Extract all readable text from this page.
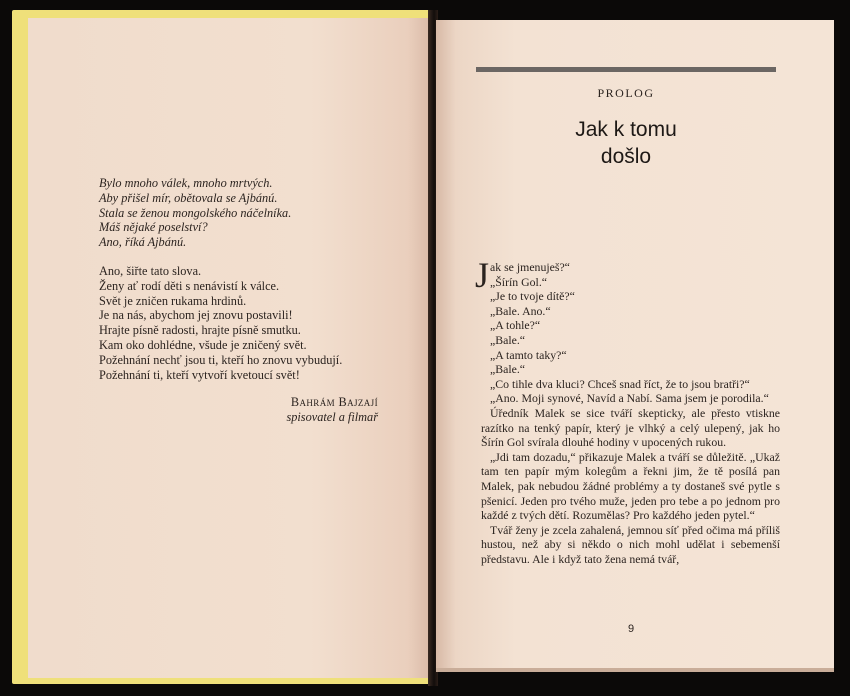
Bylo mnoho válek, mnoho mrtvých.
Aby přišel mír, obětovala se Ajbánú.
Stala se ženou mongolského náčelníka.
Máš nějaké poselství?
Ano, říká Ajbánú.
Ano, šiřte tato slova.
Ženy ať rodí děti s nenávistí k válce.
Svět je zničen rukama hrdinů.
Je na nás, abychom jej znovu postavili!
Hrajte písně radosti, hrajte písně smutku.
Kam oko dohlédne, všude je zničený svět.
Požehnání nechť jsou ti, kteří ho znovu vybudují.
Požehnání ti, kteří vytvoří kvetoucí svět!
Bahrám Bajzají
spisovatel a filmař
PROLOG
Jak k tomu
došlo
J ak se jmenuješ?“
„Šírín Gol.“
„Je to tvoje dítě?“
„Bale. Ano.“
„A tohle?“
„Bale.“
„A tamto taky?“
„Bale.“
„Co tihle dva kluci? Chceš snad říct, že to jsou bratři?“
„Ano. Moji synové, Navíd a Nabí. Sama jsem je porodila.“
Úředník Malek se sice tváří skepticky, ale přesto vtiskne razítko na tenký papír, který je vlhký a celý ulepený, jak ho Šírín Gol svírala dlouhé hodiny v upocených rukou.
„Jdi tam dozadu,“ přikazuje Malek a tváří se důležitě. „Ukaž tam ten papír mým kolegům a řekni jim, že tě posílá pan Malek, pak nebudou žádné problémy a ty dostaneš své pytle s pšenicí. Jeden pro tvého muže, jeden pro tebe a po jednom pro každé z tvých dětí. Rozumělas? Pro každého jeden pytel.“
Tvář ženy je zcela zahalená, jemnou síť před očima má příliš hustou, než aby si někdo o nich mohl udělat i sebemenší představu. Ale i když tato žena nemá tvář,
9
